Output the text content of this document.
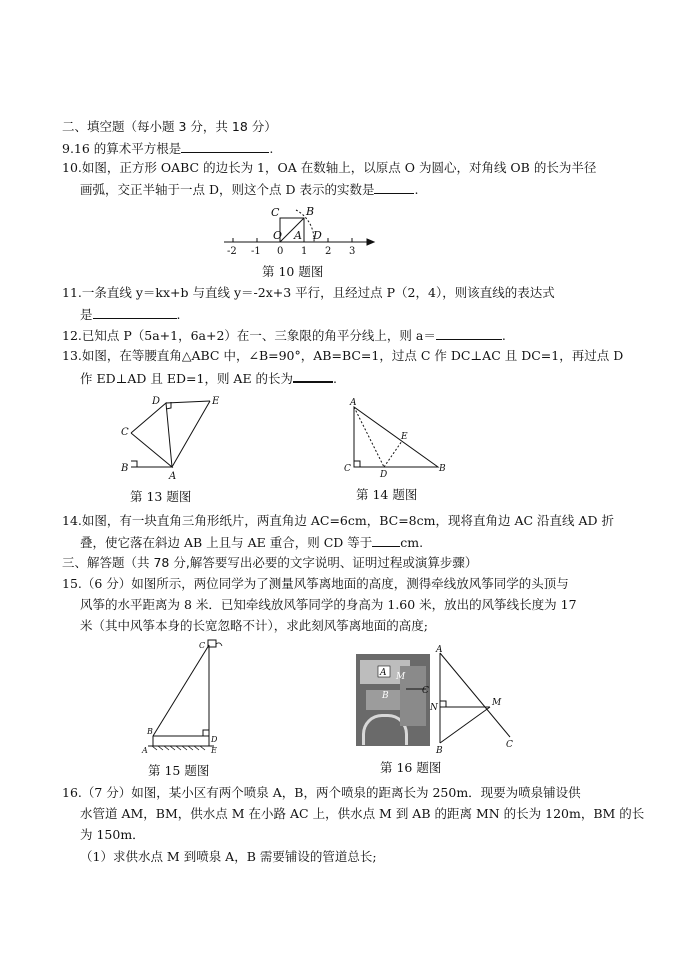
二、填空题（每小题 3 分，共 18 分）
9.16 的算术平方根是	.
10.如图，正方形 OABC 的边长为 1，OA 在数轴上，以原点 O 为圆心，对角线 OB 的长为半径
画弧，交正半轴于一点 D，则这个点 D 表示的实数是	.
C B
O A D
-2 -1 0 1 2 3
第 10 题图
11.一条直线 y＝kx+b 与直线 y＝-2x+3 平行，且经过点 P（2，4），则该直线的表达式
是	.
12.已知点 P（5a+1，6a+2）在一、三象限的角平分线上，则 a＝	.
13.如图，在等腰直角△ABC 中，∠B=90°，AB=BC=1，过点 C 作 DC⊥AC 且 DC=1，再过点 D
作 ED⊥AD 且 ED=1，则 AE 的长为	.
D	E
C
B
A
第 13 题图
A
E
C
D
B
第 14 题图
14.如图，有一块直角三角形纸片，两直角边 AC=6cm，BC=8cm，现将直角边 AC 沿直线 AD 折
叠，使它落在斜边 AB 上且与 AE 重合，则 CD 等于 cm.
三、解答题（共 78 分,解答要写出必要的文字说明、证明过程或演算步骤）
15.（6 分）如图所示，两位同学为了测量风筝离地面的高度，测得牵线放风筝同学的头顶与
风筝的水平距离为 8 米．已知牵线放风筝同学的身高为 1.60 米，放出的风筝线长度为 17
米（其中风筝本身的长宽忽略不计），求此刻风筝离地面的高度;
C
B
D
A	E
第 15 题图
A M
C
B
A
M
N
C
B
第 16 题图
16.（7 分）如图，某小区有两个喷泉 A，B，两个喷泉的距离长为 250m．现要为喷泉铺设供
水管道 AM，BM，供水点 M 在小路 AC 上，供水点 M 到 AB 的距离 MN 的长为 120m，BM 的长
为 150m．
（1）求供水点 M 到喷泉 A，B 需要铺设的管道总长;
